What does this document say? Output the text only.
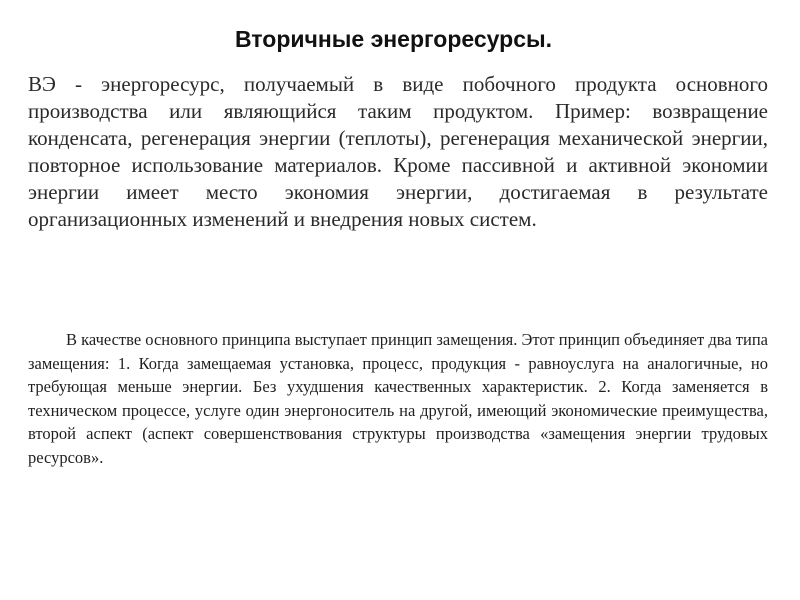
Вторичные энергоресурсы.

ВЭ - энергоресурс, получаемый в виде побочного продукта основного производства или являющийся таким продуктом. Пример: возвращение конденсата, регенерация энергии (теплоты), регенерация механической энергии, повторное использование материалов. Кроме пассивной и активной экономии энергии имеет место экономия энергии, достигаемая в результате организационных изменений и внедрения новых систем.

В качестве основного принципа выступает принцип замещения. Этот принцип объединяет два типа замещения: 1. Когда замещаемая установка, процесс, продукция - равноуслуга на аналогичные, но требующая меньше энергии. Без ухудшения качественных характеристик. 2. Когда заменяется в техническом процессе, услуге один энергоноситель на другой, имеющий экономические преимущества, второй аспект (аспект совершенствования структуры производства «замещения энергии трудовых ресурсов».
